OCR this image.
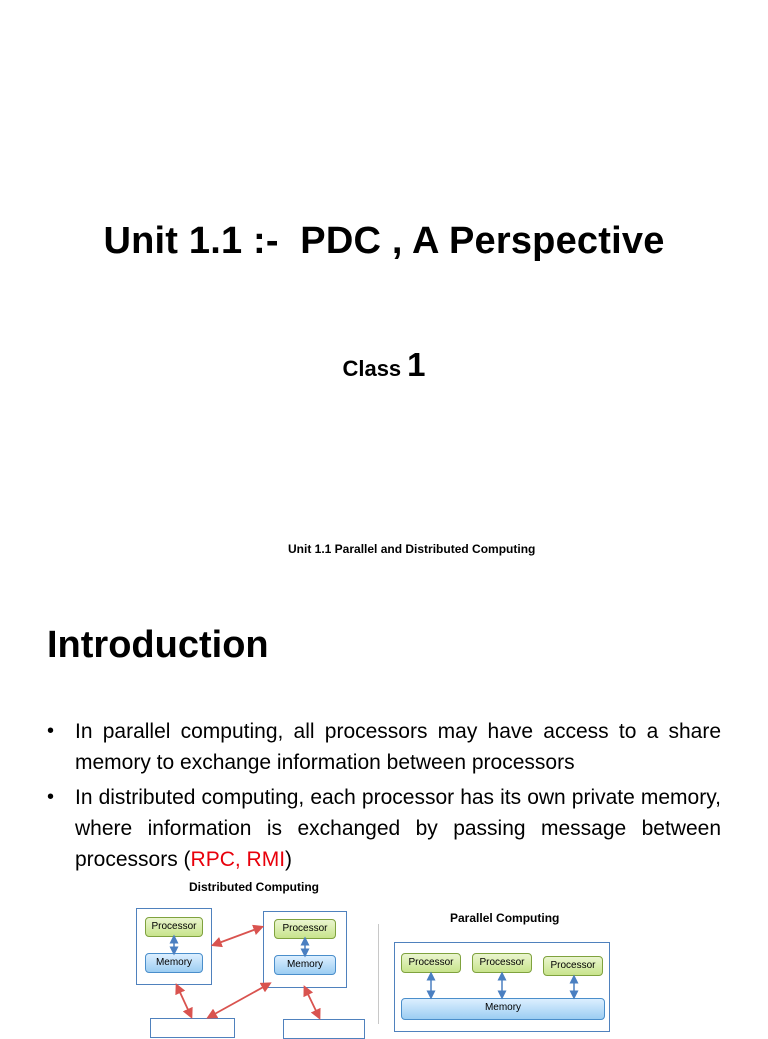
Unit 1.1 :-  PDC , A Perspective
Class 1
Unit 1.1 Parallel and Distributed Computing
Introduction
• In parallel computing, all processors may have access to a share memory to exchange information between processors
• In distributed computing, each processor has its own private memory, where information is exchanged by passing message between processors (RPC, RMI)
Distributed Computing
Processor
Memory
Processor
Memory
Parallel Computing
Processor	Processor	Processor
Memory
